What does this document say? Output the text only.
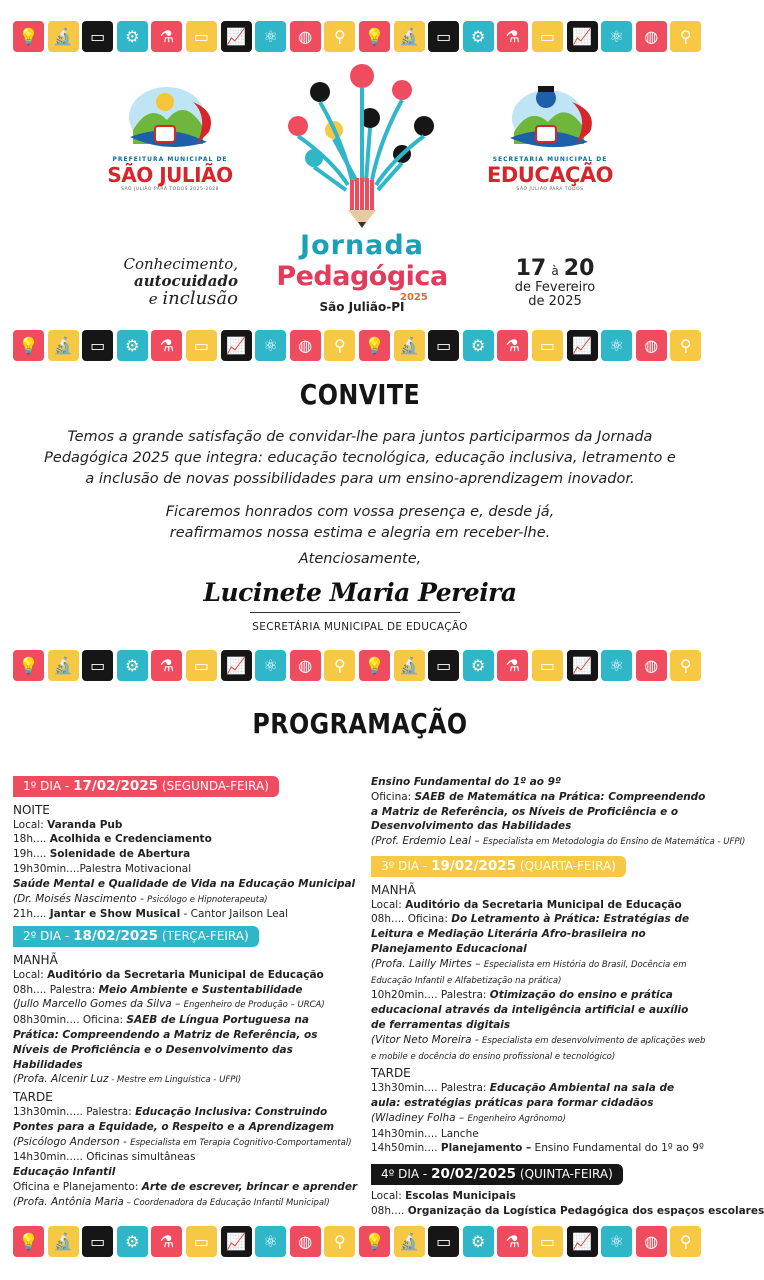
💡 🔬	▭	⚙	⚗	▭	📈	⚛	◍	⚲	💡 🔬	▭	⚙	⚗	▭	📈	⚛	◍	⚲
💡 🔬	▭	⚙	⚗	▭	📈	⚛	◍	⚲	💡 🔬	▭	⚙	⚗	▭	📈	⚛	◍	⚲
💡 🔬	▭	⚙	⚗	▭	📈	⚛	◍	⚲	💡 🔬	▭	⚙	⚗	▭	📈	⚛	◍	⚲
💡 🔬	▭	⚙	⚗	▭	📈	⚛	◍	⚲	💡 🔬	▭	⚙	⚗	▭	📈	⚛	◍	⚲
PREFEITURA MUNICIPAL DE
SÃO JULIÃO
SÃO JULIÃO PARA TODOS 2025-2028
Jornada
Pedagógica
2025
São Julião-PI
SECRETARIA MUNICIPAL DE
EDUCAÇÃO
SÃO JULIÃO PARA TODOS
Conhecimento,
autocuidado
e inclusão
17 à 20
de Fevereiro
de 2025
CONVITE
Temos a grande satisfação de convidar-lhe para juntos participarmos da Jornada Pedagógica 2025 que integra: educação tecnológica, educação inclusiva, letramento e a inclusão de novas possibilidades para um ensino-aprendizagem inovador.
Ficaremos honrados com vossa presença e, desde já,
reafirmamos nossa estima e alegria em receber-lhe.
Atenciosamente,
Lucinete Maria Pereira
SECRETÁRIA MUNICIPAL DE EDUCAÇÃO
PROGRAMAÇÃO
1º DIA - 17/02/2025 (SEGUNDA-FEIRA)
NOITE
Local: Varanda Pub
18h.... Acolhida e Credenciamento
19h.... Solenidade de Abertura
19h30min....Palestra Motivacional
Saúde Mental e Qualidade de Vida na Educação Municipal
(Dr. Moisés Nascimento - Psicólogo e Hipnoterapeuta)
21h.... Jantar e Show Musical - Cantor Jailson Leal
2º DIA - 18/02/2025 (TERÇA-FEIRA)
MANHÃ
Local: Auditório da Secretaria Municipal de Educação
08h.... Palestra: Meio Ambiente e Sustentabilidade
(Jullo Marcello Gomes da Silva – Engenheiro de Produção – URCA)
08h30min.... Oficina: SAEB de Língua Portuguesa na Prática: Compreendendo a Matriz de Referência, os Níveis de Proficiência e o Desenvolvimento das Habilidades
(Profa. Alcenir Luz - Mestre em Linguística - UFPI)
TARDE
13h30min..... Palestra: Educação Inclusiva: Construindo Pontes para a Equidade, o Respeito e a Aprendizagem
(Psicólogo Anderson - Especialista em Terapia Cognitivo-Comportamental)
14h30min..... Oficinas simultâneas
Educação Infantil
Oficina e Planejamento: Arte de escrever, brincar e aprender
(Profa. Antônia Maria – Coordenadora da Educação Infantil Municipal)
Ensino Fundamental do 1º ao 9º
Oficina: SAEB de Matemática na Prática: Compreendendo a Matriz de Referência, os Níveis de Proficiência e o Desenvolvimento das Habilidades
(Prof. Erdemio Leal – Especialista em Metodologia do Ensino de Matemática - UFPI)
3º DIA - 19/02/2025 (QUARTA-FEIRA)
MANHÃ
Local: Auditório da Secretaria Municipal de Educação
08h.... Oficina: Do Letramento à Prática: Estratégias de Leitura e Mediação Literária Afro-brasileira no Planejamento Educacional
(Profa. Lailly Mirtes – Especialista em História do Brasil, Docência em Educação Infantil e Alfabetização na prática)
10h20min.... Palestra: Otimização do ensino e prática educacional através da inteligência artificial e auxílio de ferramentas digitais
(Vitor Neto Moreira - Especialista em desenvolvimento de aplicações web e mobile e docência do ensino profissional e tecnológico)
TARDE
13h30min.... Palestra: Educação Ambiental na sala de aula: estratégias práticas para formar cidadãos
(Wladiney Folha – Engenheiro Agrônomo)
14h30min.... Lanche
14h50min.... Planejamento – Ensino Fundamental do 1º ao 9º
4º DIA - 20/02/2025 (QUINTA-FEIRA)
Local: Escolas Municipais
08h.... Organização da Logística Pedagógica dos espaços escolares
